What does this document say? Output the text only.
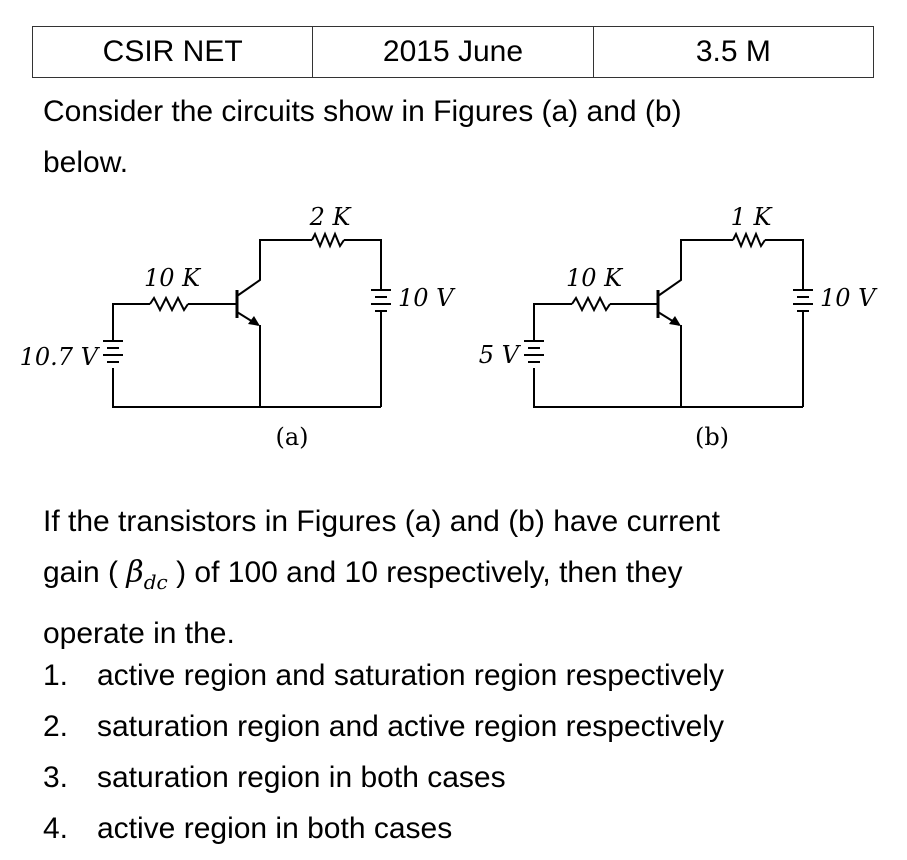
CSIR NET	2015 June	3.5 M

Consider the circuits show in Figures (a) and (b)
below.

10 K
2 K
10.7 V
10 V
(a)
10 K
1 K
5 V
10 V
(b)

If the transistors in Figures (a) and (b) have current
gain ( $\beta_{dc}$ ) of 100 and 10 respectively, then they
operate in the.

1. active region and saturation region respectively
2. saturation region and active region respectively
3. saturation region in both cases
4. active region in both cases
